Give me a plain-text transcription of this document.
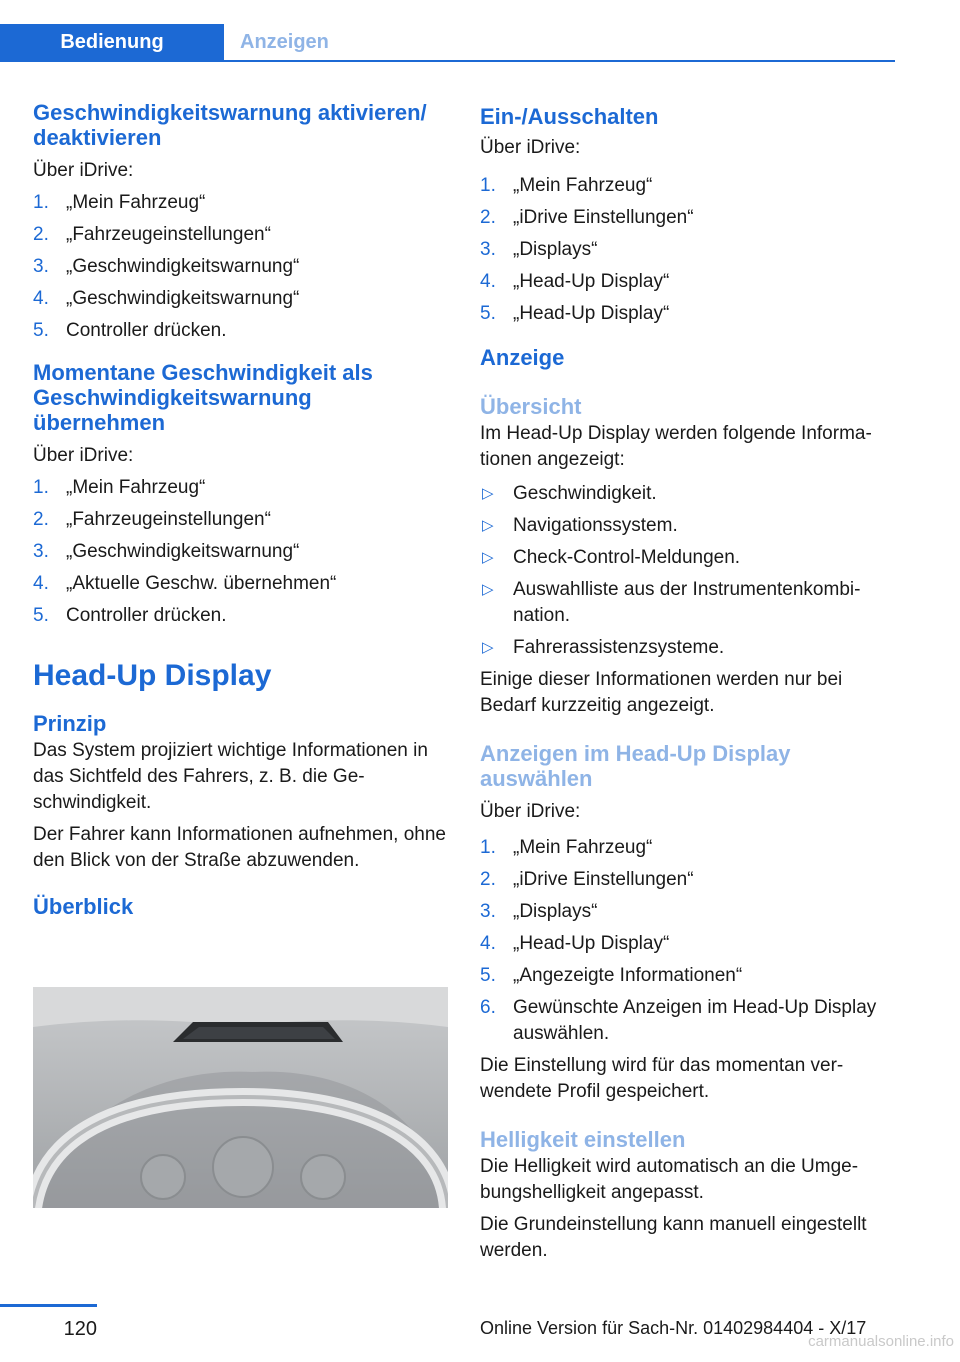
Bedienung	Anzeigen
Geschwindigkeitswarnung aktivieren/ deaktivieren

Über iDrive:

1. „Mein Fahrzeug“
2. „Fahrzeugeinstellungen“
3. „Geschwindigkeitswarnung“
4. „Geschwindigkeitswarnung“
5. Controller drücken.
Momentane Geschwindigkeit als Geschwindigkeitswarnung übernehmen

Über iDrive:

1. „Mein Fahrzeug“
2. „Fahrzeugeinstellungen“
3. „Geschwindigkeitswarnung“
4. „Aktuelle Geschw. übernehmen“
5. Controller drücken.
Head-Up Display
Prinzip

Das System projiziert wichtige Informationen in das Sichtfeld des Fahrers, z. B. die Ge-schwindigkeit.

Der Fahrer kann Informationen aufnehmen, ohne den Blick von der Straße abzuwenden.

Überblick
Ein-/Ausschalten

Über iDrive:

1. „Mein Fahrzeug“
2. „iDrive Einstellungen“
3. „Displays“
4. „Head-Up Display“
5. „Head-Up Display“
Anzeige
Übersicht

Im Head-Up Display werden folgende Informa-tionen angezeigt:

▷ Geschwindigkeit.
▷ Navigationssystem.
▷ Check-Control-Meldungen.
▷ Auswahlliste aus der Instrumentenkombi-nation.
▷ Fahrerassistenzsysteme.

Einige dieser Informationen werden nur bei Bedarf kurzzeitig angezeigt.

Anzeigen im Head-Up Display auswählen

Über iDrive:

1. „Mein Fahrzeug“
2. „iDrive Einstellungen“
3. „Displays“
4. „Head-Up Display“
5. „Angezeigte Informationen“
6. Gewünschte Anzeigen im Head-Up Display auswählen.

Die Einstellung wird für das momentan ver-wendete Profil gespeichert.

Helligkeit einstellen

Die Helligkeit wird automatisch an die Umge-bungshelligkeit angepasst.

Die Grundeinstellung kann manuell eingestellt werden.

120	Online Version für Sach-Nr. 01402984404 - X/17
carmanualsonline.info
